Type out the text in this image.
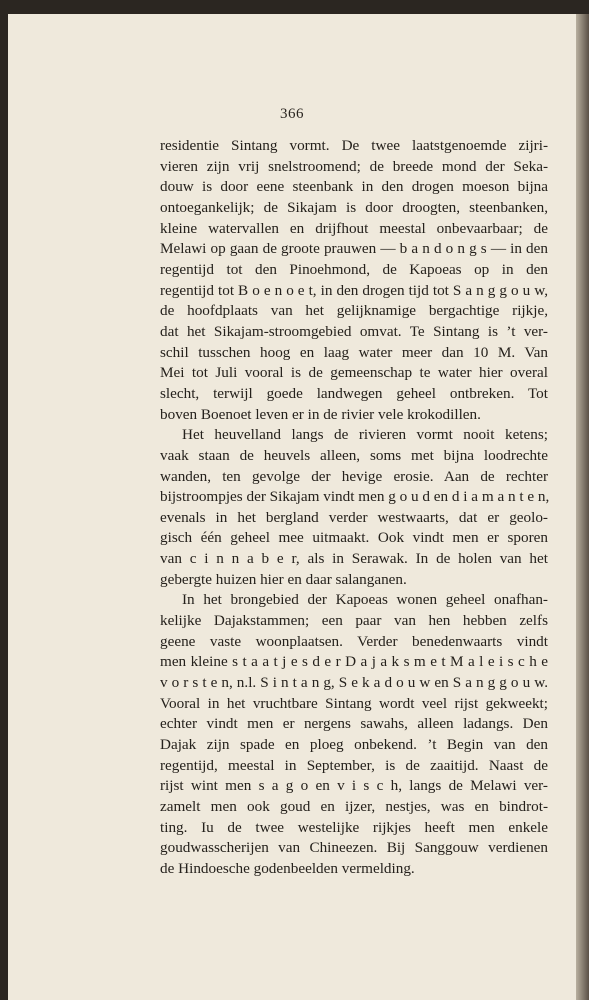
366
residentie Sintang vormt. De twee laatstgenoemde zijri-
vieren zijn vrij snelstroomend; de breede mond der Seka-
douw is door eene steenbank in den drogen moeson bijna
ontoegankelijk; de Sikajam is door droogten, steenbanken,
kleine watervallen en drijfhout meestal onbevaarbaar; de
Melawi op gaan de groote prauwen — b a n d o n g s — in den
regentijd tot den Pinoehmond, de Kapoeas op in den
regentijd tot B o e n o e t, in den drogen tijd tot S a n g g o u w,
de hoofdplaats van het gelijknamige bergachtige rijkje,
dat het Sikajam-stroomgebied omvat. Te Sintang is ’t ver-
schil tusschen hoog en laag water meer dan 10 M. Van
Mei tot Juli vooral is de gemeenschap te water hier overal
slecht, terwijl goede landwegen geheel ontbreken. Tot
boven Boenoet leven er in de rivier vele krokodillen.
Het heuvelland langs de rivieren vormt nooit ketens;
vaak staan de heuvels alleen, soms met bijna loodrechte
wanden, ten gevolge der hevige erosie. Aan de rechter
bijstroompjes der Sikajam vindt men g o u d en d i a m a n t e n,
evenals in het bergland verder westwaarts, dat er geolo-
gisch één geheel mee uitmaakt. Ook vindt men er sporen
van c i n n a b e r, als in Serawak. In de holen van het
gebergte huizen hier en daar salanganen.
In het brongebied der Kapoeas wonen geheel onafhan-
kelijke Dajakstammen; een paar van hen hebben zelfs
geene vaste woonplaatsen. Verder benedenwaarts vindt
men kleine s t a a t j e s d e r D a j a k s m e t M a l e i s c h e
v o r s t e n, n.l. S i n t a n g, S e k a d o u w en S a n g g o u w.
Vooral in het vruchtbare Sintang wordt veel rijst gekweekt;
echter vindt men er nergens sawahs, alleen ladangs. Den
Dajak zijn spade en ploeg onbekend. ’t Begin van den
regentijd, meestal in September, is de zaaitijd. Naast de
rijst wint men s a g o en v i s c h, langs de Melawi ver-
zamelt men ook goud en ijzer, nestjes, was en bindrot-
ting. Iu de twee westelijke rijkjes heeft men enkele
goudwasscherijen van Chineezen. Bij Sanggouw verdienen
de Hindoesche godenbeelden vermelding.
